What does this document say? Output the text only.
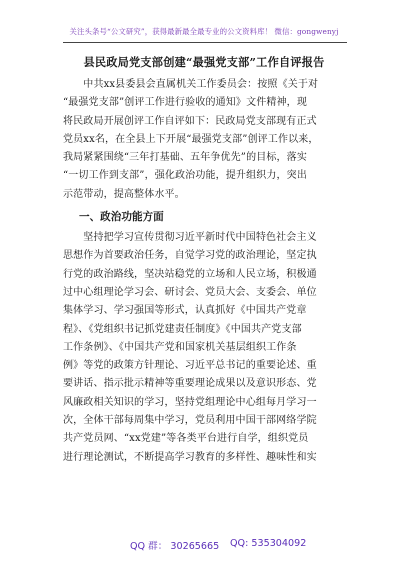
关注头条号“公文研究”，获得最新最全最专业的公文资料库！ 微信：gongwenyj
县民政局党支部创建“最强党支部”工作自评报告

　　中共xx县委县会直属机关工作委员会：按照《关于对

“最强党支部”创评工作进行验收的通知》文件精神，现

将民政局开展创评工作自评如下：民政局党支部现有正式

党员xx名，在全县上下开展“最强党支部”创评工作以来，

我局紧紧围绕“三年打基础、五年争优先”的目标，落实

“一切工作到支部”，强化政治功能，提升组织力，突出

示范带动，提高整体水平。

一、政治功能方面

　　坚持把学习宣传贯彻习近平新时代中国特色社会主义

思想作为首要政治任务，自觉学习党的政治理论，坚定执

行党的政治路线，坚决站稳党的立场和人民立场，积极通

过中心组理论学习会、研讨会、党员大会、支委会、单位

集体学习、学习强国等形式，认真抓好《中国共产党章

程》、《党组织书记抓党建责任制度》《中国共产党支部

工作条例》、《中国共产党和国家机关基层组织工作条

例》等党的政策方针理论、习近平总书记的重要论述、重

要讲话、指示批示精神等重要理论成果以及意识形态、党

风廉政相关知识的学习，坚持党组理论中心组每月学习一

次，全体干部每周集中学习，党员利用中国干部网络学院

共产党员网、“xx党建”等各类平台进行自学，组织党员

进行理论测试，不断提高学习教育的多样性、趣味性和实

QQ 群： 30265665 QQ: 535304092
